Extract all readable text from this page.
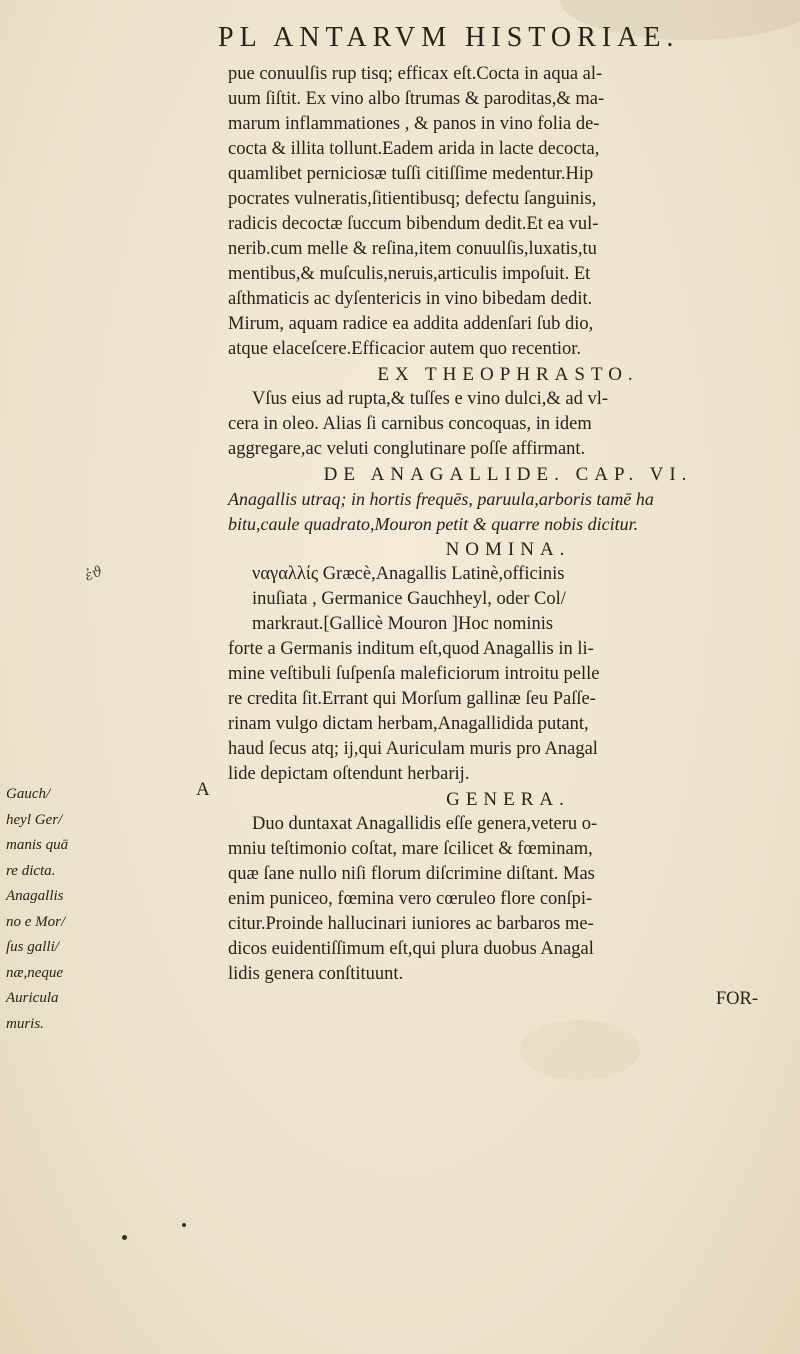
PL ANTARVM HISTORIAE.
ἐϑ
pue conuulſis rup tisq; efficax eſt.Cocta in aqua al-
uum ſiſtit. Ex vino albo ſtrumas & paroditas,& ma-
marum inflammationes , & panos in vino folia de-
cocta & illita tollunt.Eadem arida in lacte decocta,
quamlibet perniciosæ tuſſi citiſſime medentur.Hip
pocrates vulneratis,ſitientibusq; defectu ſanguinis,
radicis decoctæ ſuccum bibendum dedit.Et ea vul-
nerib.cum melle & reſina,item conuulſis,luxatis,tu
mentibus,& muſculis,neruis,articulis impoſuit. Et
aſthmaticis ac dyſentericis in vino bibedam dedit.
Mirum, aquam radice ea addita addenſari ſub dio,
atque elaceſcere.Efficacior autem quo recentior.
EX THEOPHRASTO.
Vſus eius ad rupta,& tuſſes e vino dulci,& ad vl-
cera in oleo. Alias ſi carnibus concoquas, in idem
aggregare,ac veluti conglutinare poſſe affirmant.
DE ANAGALLIDE. CAP. VI.
Anagallis utraq; in hortis frequēs, paruula,arboris tamē ha
bitu,caule quadrato,Mouron petit & quarre nobis dicitur.
NOMINA.
ναγαλλίς Græcè,Anagallis Latinè,officinis
inuſiata , Germanice Gauchheyl, oder Col/
markraut.[Gallicè Mouron ]Hoc nominis
forte a Germanis inditum eſt,quod Anagallis in li-
mine veſtibuli ſuſpenſa maleficiorum introitu pelle
re credita ſit.Errant qui Morſum gallinæ ſeu Paſſe-
rinam vulgo dictam herbam,Anagallidida putant,
haud ſecus atq; ij,qui Auriculam muris pro Anagal
lide depictam oſtendunt herbarij.
GENERA.
Duo duntaxat Anagallidis eſſe genera,veteru o-
mniu teſtimonio coſtat, mare ſcilicet & fœminam,
quæ ſane nullo niſi florum diſcrimine diſtant. Mas
enim puniceo, fœmina vero cœruleo flore conſpi-
citur.Proinde hallucinari iuniores ac barbaros me-
dicos euidentiſſimum eſt,qui plura duobus Anagal
lidis genera conſtituunt.
FOR-
A
Gauch/
heyl Ger/
manis quā
re dicta.
Anagallis
no e Mor/
ſus galli/
næ,neque
Auricula
muris.
